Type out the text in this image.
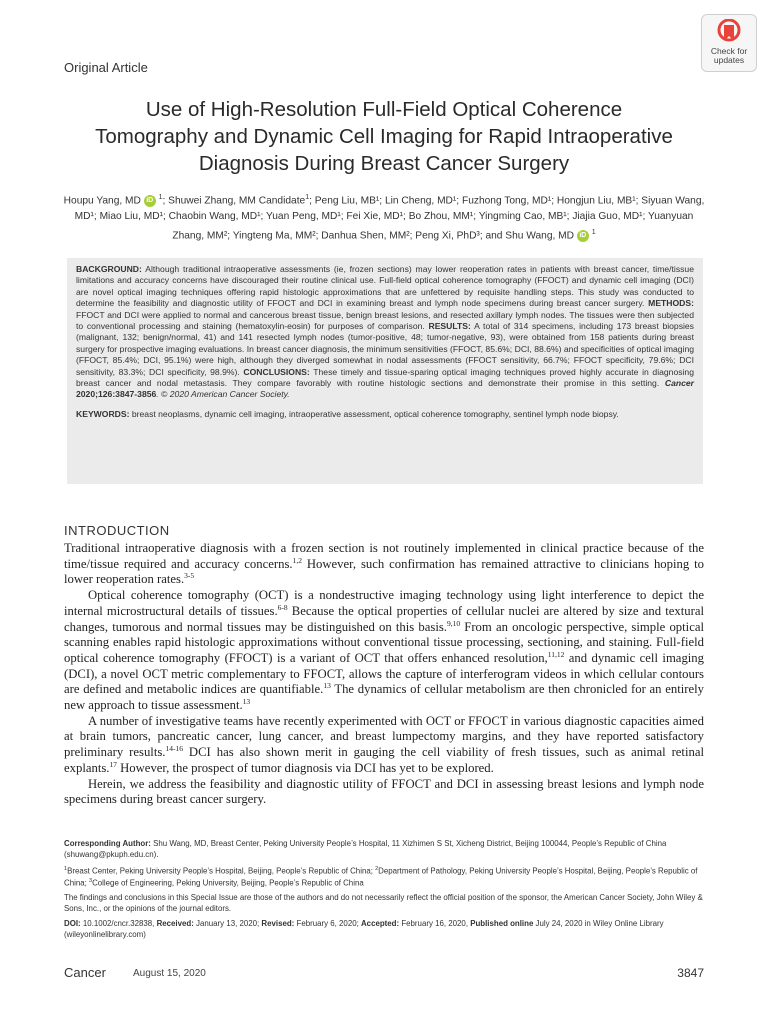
Original Article
Check for
updates
Use of High-Resolution Full-Field Optical Coherence
Tomography and Dynamic Cell Imaging for Rapid Intraoperative
Diagnosis During Breast Cancer Surgery
Houpu Yang, MD iD $^1$; Shuwei Zhang, MM Candidate$^1$; Peng Liu, MB¹; Lin Cheng, MD¹; Fuzhong Tong, MD¹; Hongjun Liu, MB¹; Siyuan Wang, MD¹; Miao Liu, MD¹; Chaobin Wang, MD¹; Yuan Peng, MD¹; Fei Xie, MD¹; Bo Zhou, MM¹; Yingming Cao, MB¹; Jiajia Guo, MD¹; Yuanyuan Zhang, MM²; Yingteng Ma, MM²; Danhua Shen, MM²; Peng Xi, PhD³; and Shu Wang, MD iD $^1$
BACKGROUND: Although traditional intraoperative assessments (ie, frozen sections) may lower reoperation rates in patients with breast cancer, time/tissue limitations and accuracy concerns have discouraged their routine clinical use. Full-field optical coherence tomography (FFOCT) and dynamic cell imaging (DCI) are novel optical imaging techniques offering rapid histologic approximations that are unfettered by requisite handling steps. This study was conducted to determine the feasibility and diagnostic utility of FFOCT and DCI in examining breast and lymph node specimens during breast cancer surgery. METHODS: FFOCT and DCI were applied to normal and cancerous breast tissue, benign breast lesions, and resected axillary lymph nodes. The tissues were then subjected to conventional processing and staining (hematoxylin-eosin) for purposes of comparison. RESULTS: A total of 314 specimens, including 173 breast biopsies (malignant, 132; benign/normal, 41) and 141 resected lymph nodes (tumor-positive, 48; tumor-negative, 93), were obtained from 158 patients during breast surgery for prospective imaging evaluations. In breast cancer diagnosis, the minimum sensitivities (FFOCT, 85.6%; DCI, 88.6%) and specificities of optical imaging (FFOCT, 85.4%; DCI, 95.1%) were high, although they diverged somewhat in nodal assessments (FFOCT sensitivity, 66.7%; FFOCT specificity, 79.6%; DCI sensitivity, 83.3%; DCI specificity, 98.9%). CONCLUSIONS: These timely and tissue-sparing optical imaging techniques proved highly accurate in diagnosing breast cancer and nodal metastasis. They compare favorably with routine histologic sections and demonstrate their promise in this setting. Cancer 2020;126:3847-3856. © 2020 American Cancer Society.
KEYWORDS: breast neoplasms, dynamic cell imaging, intraoperative assessment, optical coherence tomography, sentinel lymph node biopsy.
INTRODUCTION

Traditional intraoperative diagnosis with a frozen section is not routinely implemented in clinical practice because of the time/tissue required and accuracy concerns.$^{1,2}$ However, such confirmation has remained attractive to clinicians hoping to lower reoperation rates.$^{3-5}$

Optical coherence tomography (OCT) is a nondestructive imaging technology using light interference to depict the internal microstructural details of tissues.$^{6-8}$ Because the optical properties of cellular nuclei are altered by size and textural changes, tumorous and normal tissues may be distinguished on this basis.$^{9,10}$ From an oncologic perspective, simple optical scanning enables rapid histologic approximations without conventional tissue processing, sectioning, and staining. Full-field optical coherence tomography (FFOCT) is a variant of OCT that offers enhanced resolution,$^{11,12}$ and dynamic cell imaging (DCI), a novel OCT metric complementary to FFOCT, allows the capture of interferogram videos in which cellular contours are defined and metabolic indices are quantifiable.$^{13}$ The dynamics of cellular metabolism are then chronicled for an entirely new approach to tissue assessment.$^{13}$

A number of investigative teams have recently experimented with OCT or FFOCT in various diagnostic capacities aimed at brain tumors, pancreatic cancer, lung cancer, and breast lumpectomy margins, and they have reported satisfactory preliminary results.$^{14-16}$ DCI has also shown merit in gauging the cell viability of fresh tissues, such as animal retinal explants.$^{17}$ However, the prospect of tumor diagnosis via DCI has yet to be explored.

Herein, we address the feasibility and diagnostic utility of FFOCT and DCI in assessing breast lesions and lymph node specimens during breast cancer surgery.

Corresponding Author: Shu Wang, MD, Breast Center, Peking University People’s Hospital, 11 Xizhimen S St, Xicheng District, Beijing 100044, People’s Republic of China (shuwang@pkuph.edu.cn).

$^1$Breast Center, Peking University People’s Hospital, Beijing, People’s Republic of China; $^2$Department of Pathology, Peking University People’s Hospital, Beijing, People’s Republic of China; $^3$College of Engineering, Peking University, Beijing, People’s Republic of China

The findings and conclusions in this Special Issue are those of the authors and do not necessarily reflect the official position of the sponsor, the American Cancer Society, John Wiley & Sons, Inc., or the opinions of the journal editors.

DOI: 10.1002/cncr.32838, Received: January 13, 2020; Revised: February 6, 2020; Accepted: February 16, 2020, Published online July 24, 2020 in Wiley Online Library (wileyonlinelibrary.com)

Cancer	August 15, 2020	3847
